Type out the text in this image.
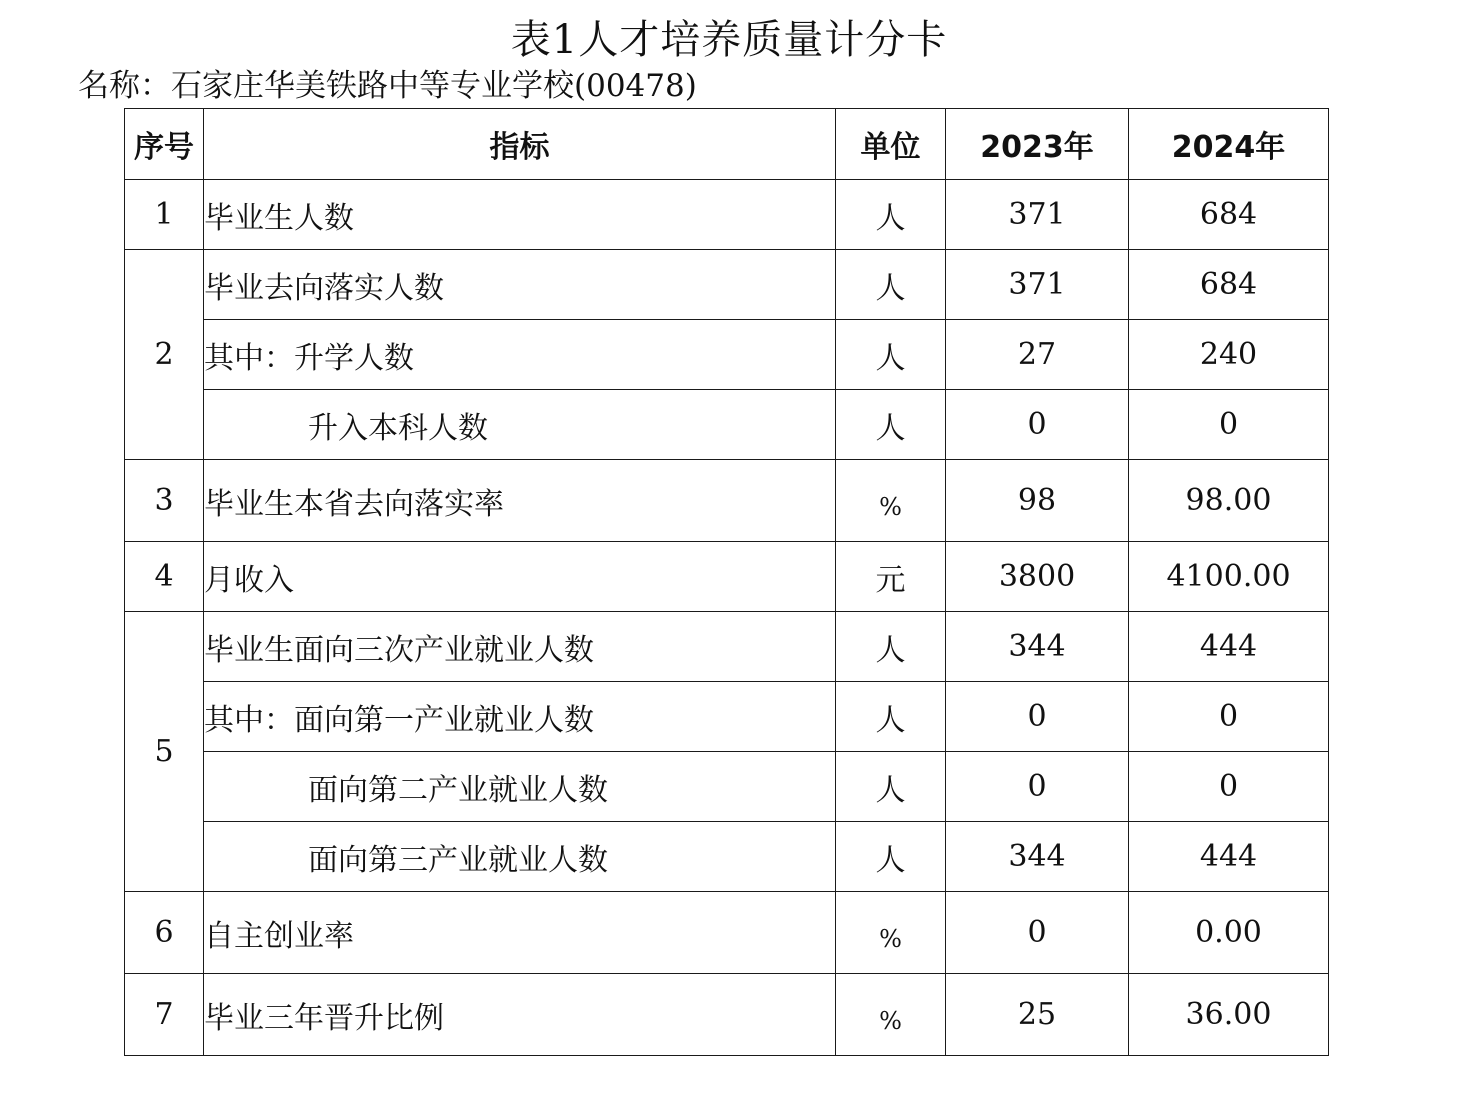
表1人才培养质量计分卡
名称：石家庄华美铁路中等专业学校(00478)
序号	指标	单位	2023年	2024年
1	毕业生人数	人	371	684
2	毕业去向落实人数	人	371	684
	其中：升学人数	人	27	240
	升入本科人数	人	0	0
3	毕业生本省去向落实率	%	98	98.00
4	月收入	元	3800	4100.00
5	毕业生面向三次产业就业人数	人	344	444
	其中：面向第一产业就业人数	人	0	0
	面向第二产业就业人数	人	0	0
	面向第三产业就业人数	人	344	444
6	自主创业率	%	0	0.00
7	毕业三年晋升比例	%	25	36.00
